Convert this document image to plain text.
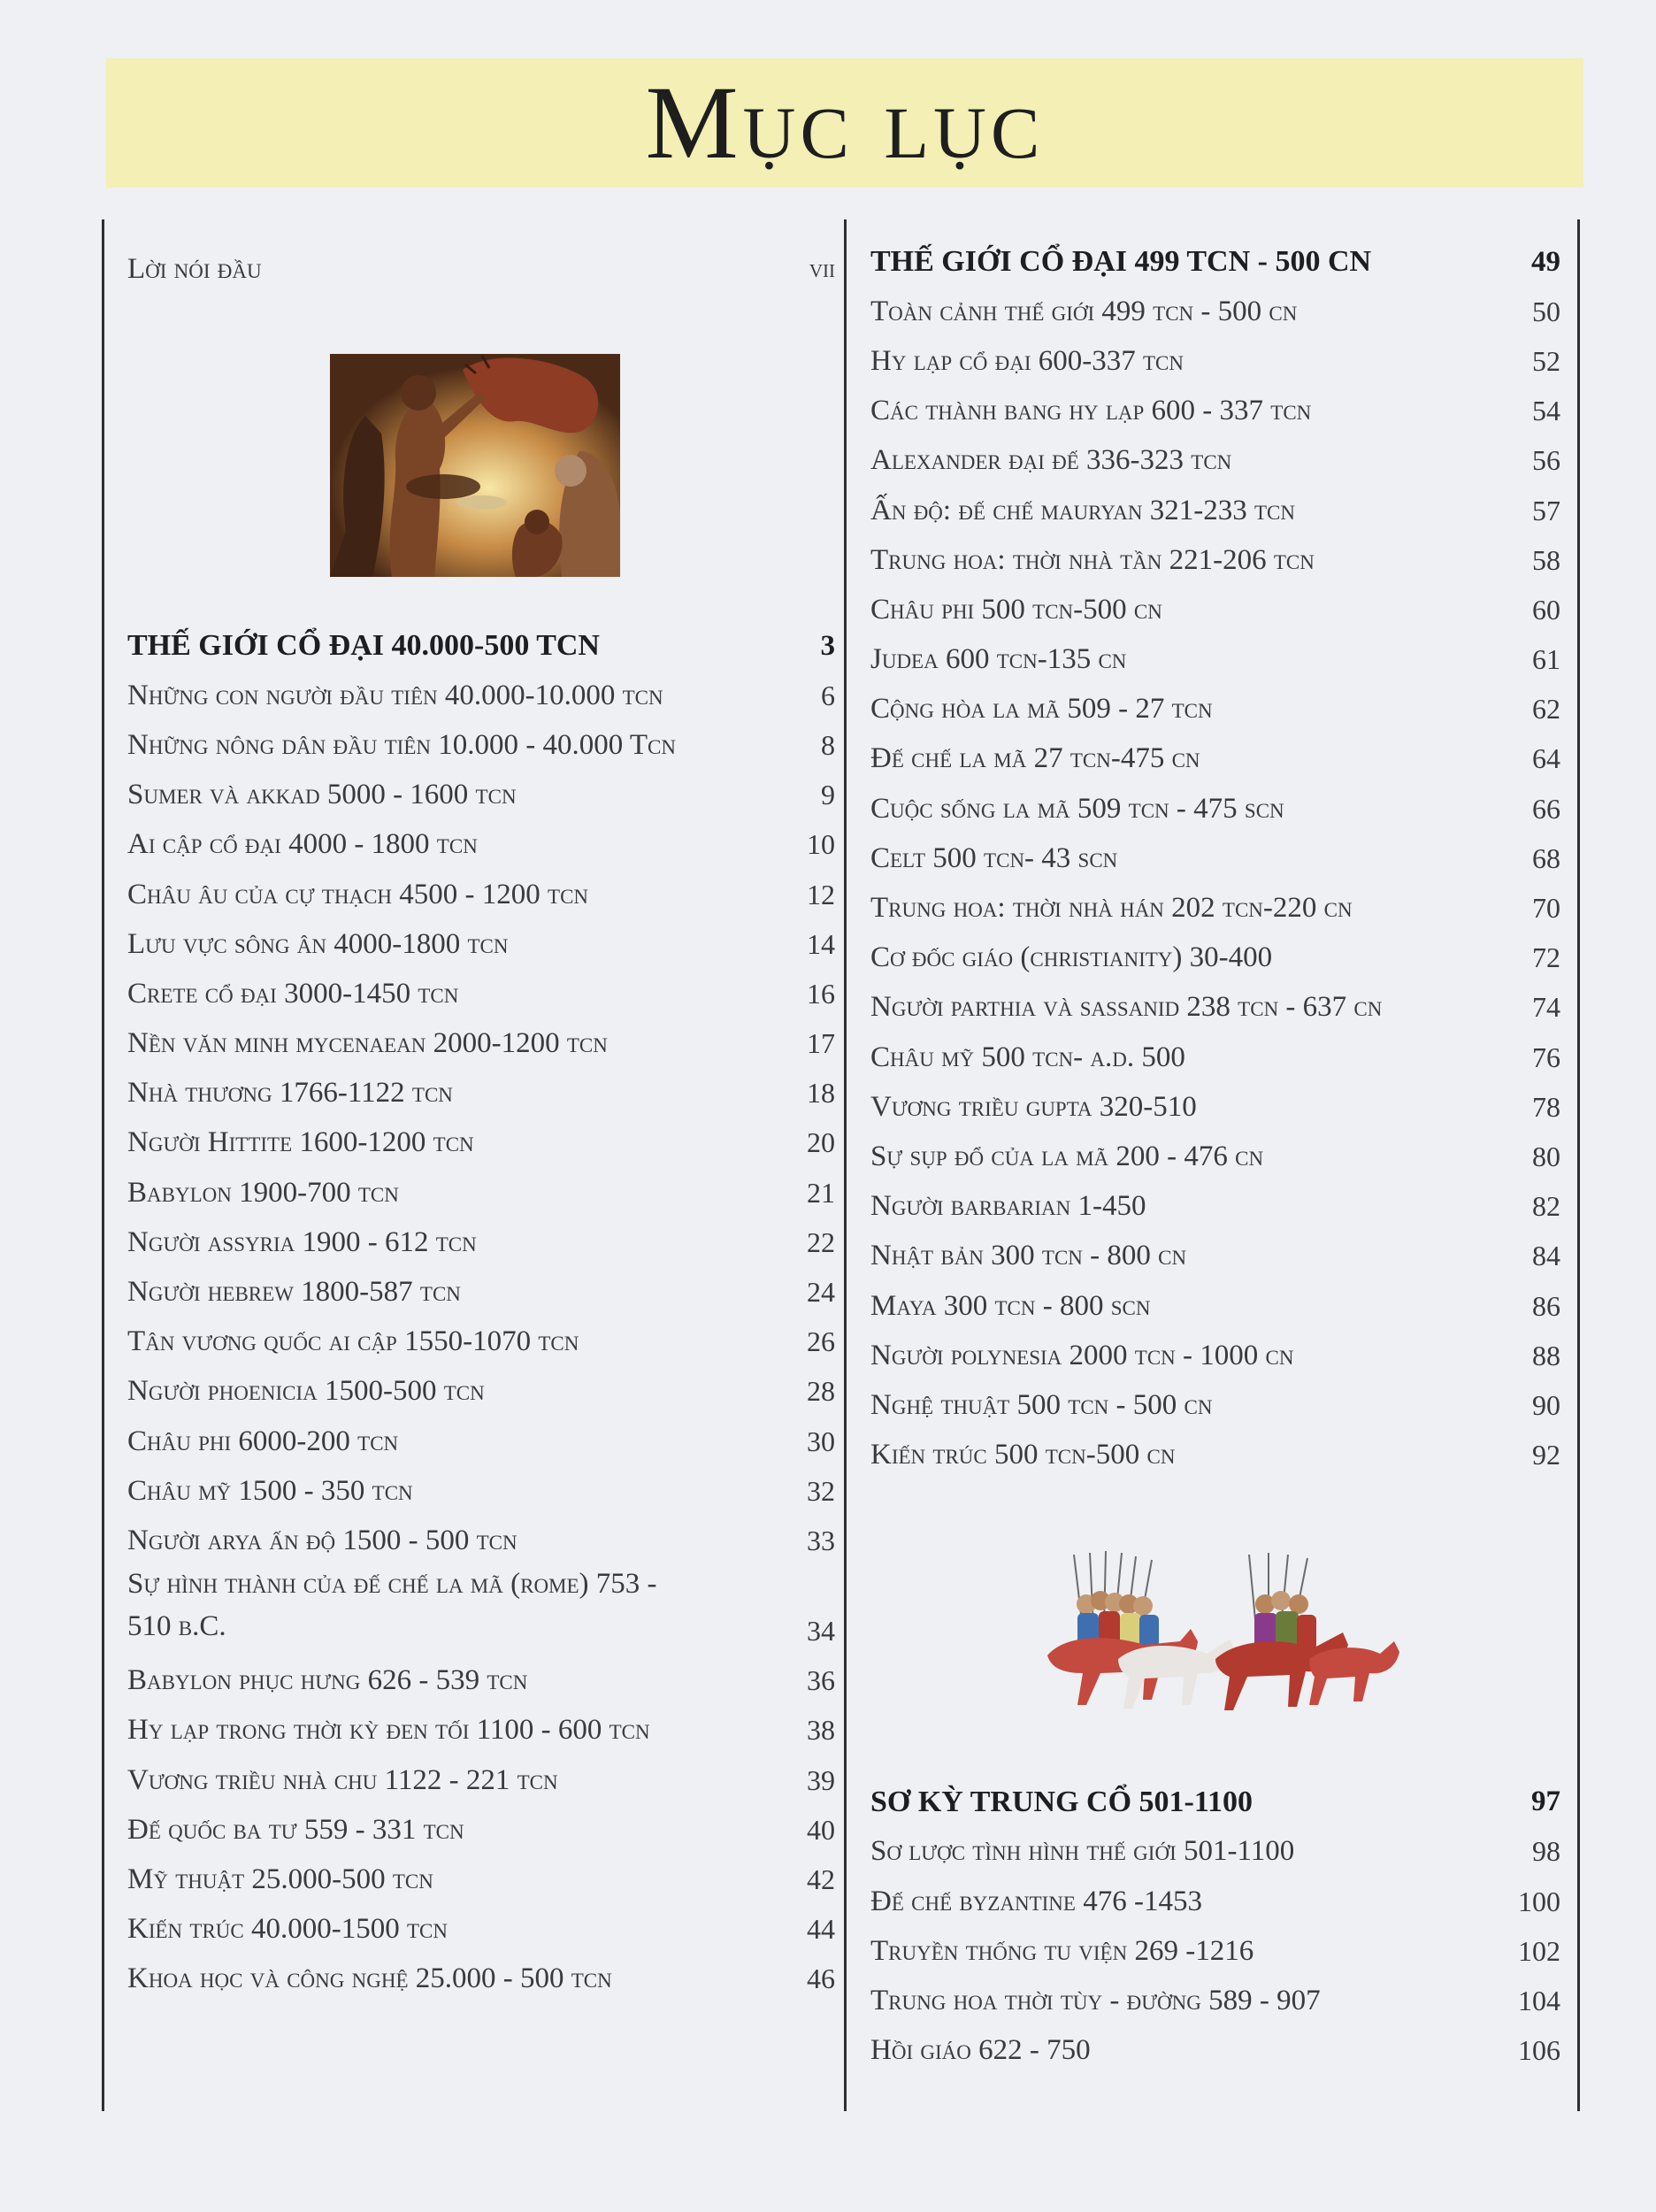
Mục lục
Lời nói đầu	vii
THẾ GIỚI CỔ ĐẠI 40.000-500 TCN	3
Những con người đầu tiên 40.000-10.000 tcn	6
Những nông dân đầu tiên 10.000 - 40.000 Tcn	8
Sumer và akkad 5000 - 1600 tcn	9
Ai cập cổ đại 4000 - 1800 tcn	10
Châu âu của cự thạch 4500 - 1200 tcn	12
Lưu vực sông ân 4000-1800 tcn	14
Crete cổ đại 3000-1450 tcn	16
Nền văn minh mycenaean 2000-1200 tcn	17
Nhà thương 1766-1122 tcn	18
Người Hittite 1600-1200 tcn	20
Babylon 1900-700 tcn	21
Người assyria 1900 - 612 tcn	22
Người hebrew 1800-587 tcn	24
Tân vương quốc ai cập 1550-1070 tcn	26
Người phoenicia 1500-500 tcn	28
Châu phi 6000-200 tcn	30
Châu mỹ 1500 - 350 tcn	32
Người arya ấn độ 1500 - 500 tcn	33
Sự hình thành của đế chế la mã (rome) 753 - 510 b.C.	34
Babylon phục hưng 626 - 539 tcn	36
Hy lạp trong thời kỳ đen tối 1100 - 600 tcn	38
Vương triều nhà chu 1122 - 221 tcn	39
Đế quốc ba tư 559 - 331 tcn	40
Mỹ thuật 25.000-500 tcn	42
Kiến trúc 40.000-1500 tcn	44
Khoa học và công nghệ 25.000 - 500 tcn	46
THẾ GIỚI CỔ ĐẠI 499 TCN - 500 CN	49
Toàn cảnh thế giới 499 tcn - 500 cn	50
Hy lạp cổ đại 600-337 tcn	52
Các thành bang hy lạp 600 - 337 tcn	54
Alexander đại đế 336-323 tcn	56
Ấn độ: đế chế mauryan 321-233 tcn	57
Trung hoa: thời nhà tần 221-206 tcn	58
Châu phi 500 tcn-500 cn	60
Judea 600 tcn-135 cn	61
Cộng hòa la mã 509 - 27 tcn	62
Đế chế la mã 27 tcn-475 cn	64
Cuộc sống la mã 509 tcn - 475 scn	66
Celt 500 tcn- 43 scn	68
Trung hoa: thời nhà hán 202 tcn-220 cn	70
Cơ đốc giáo (christianity) 30-400	72
Người parthia và sassanid 238 tcn - 637 cn	74
Châu mỹ 500 tcn- a.d. 500	76
Vương triều gupta 320-510	78
Sự sụp đổ của la mã 200 - 476 cn	80
Người barbarian 1-450	82
Nhật bản 300 tcn - 800 cn	84
Maya 300 tcn - 800 scn	86
Người polynesia 2000 tcn - 1000 cn	88
Nghệ thuật 500 tcn - 500 cn	90
Kiến trúc 500 tcn-500 cn	92
SƠ KỲ TRUNG CỔ 501-1100	97
Sơ lược tình hình thế giới 501-1100	98
Đế chế byzantine 476 -1453	100
Truyền thống tu viện 269 -1216	102
Trung hoa thời tùy - đường 589 - 907	104
Hồi giáo 622 - 750	106
